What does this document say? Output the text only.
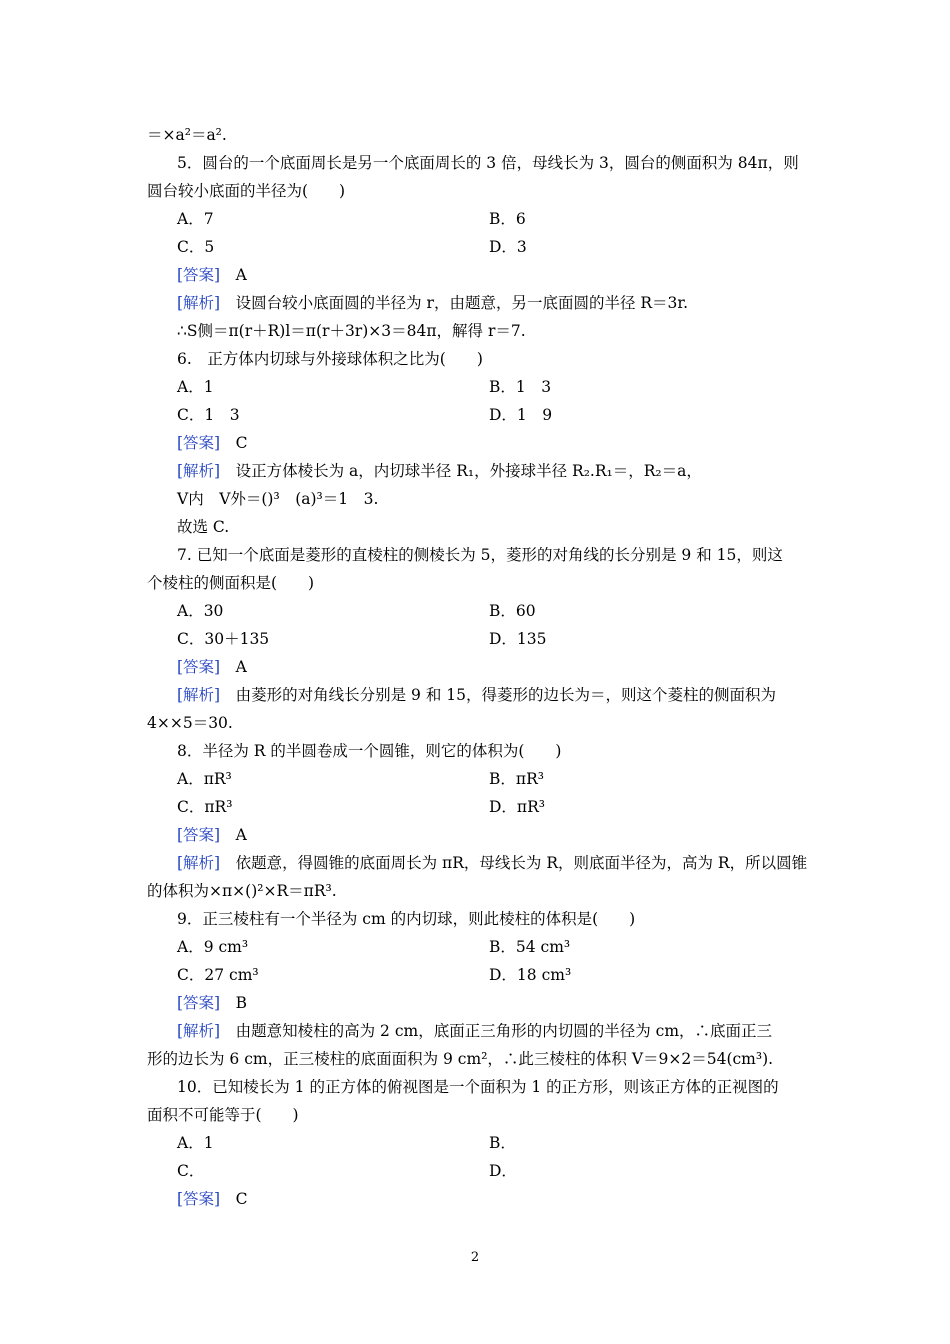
＝×a²＝a².
5．圆台的一个底面周长是另一个底面周长的 3 倍，母线长为 3，圆台的侧面积为 84π，则
圆台较小底面的半径为(　　)
A．7	B．6
C．5	D．3
[答案]　 A
[解析]　 设圆台较小底面圆的半径为 r，由题意，另一底面圆的半径 R＝3r.
∴S侧＝π(r＋R)l＝π(r＋3r)×3＝84π，解得 r＝7.
6.　正方体内切球与外接球体积之比为(　　)
A．1	B．1　3
C．1　3	D．1　9
[答案]　 C
[解析]　 设正方体棱长为 a，内切球半径 R₁，外接球半径 R₂.R₁＝，R₂＝a，
V内　V外＝()³　(a)³＝1　3.
故选 C.
7. 已知一个底面是菱形的直棱柱的侧棱长为 5，菱形的对角线的长分别是 9 和 15，则这
个棱柱的侧面积是(　　)
A．30	B．60
C．30＋135	D．135
[答案]　 A
[解析]　 由菱形的对角线长分别是 9 和 15，得菱形的边长为＝，则这个菱柱的侧面积为
4××5＝30.
8．半径为 R 的半圆卷成一个圆锥，则它的体积为(　　)
A．πR³	B．πR³
C．πR³	D．πR³
[答案]　 A
[解析]　 依题意，得圆锥的底面周长为 πR，母线长为 R，则底面半径为，高为 R，所以圆锥
的体积为×π×()²×R＝πR³.
9．正三棱柱有一个半径为 cm 的内切球，则此棱柱的体积是(　　)
A．9 cm³	B．54 cm³
C．27 cm³	D．18 cm³
[答案]　 B
[解析]　 由题意知棱柱的高为 2 cm，底面正三角形的内切圆的半径为 cm，∴底面正三
形的边长为 6 cm，正三棱柱的底面面积为 9 cm²，∴此三棱柱的体积 V＝9×2＝54(cm³).
10．已知棱长为 1 的正方体的俯视图是一个面积为 1 的正方形，则该正方体的正视图的
面积不可能等于(　　)
A．1	B．
C．	D．
[答案]　 C
2
